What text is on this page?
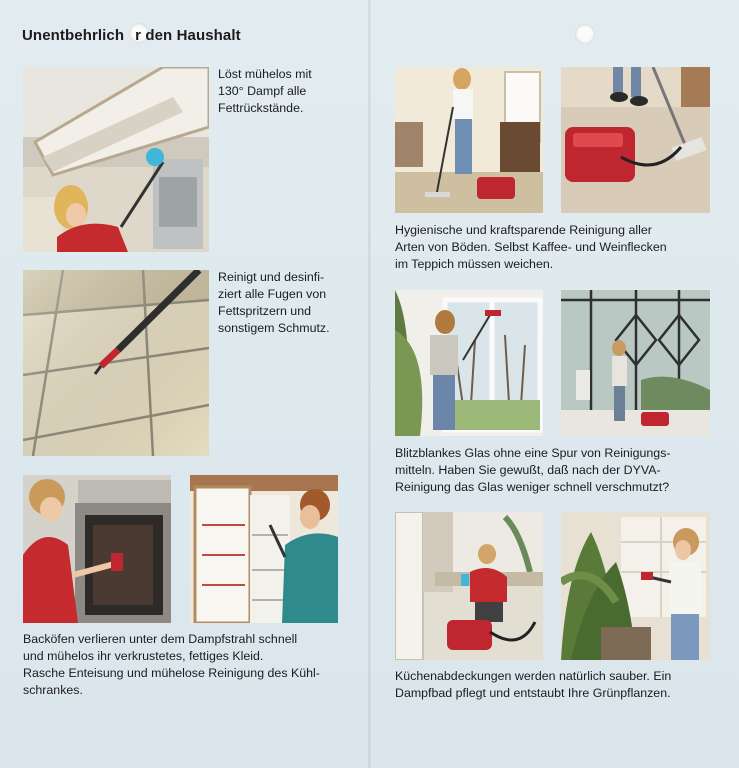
Unentbehrlich r den Haushalt

Löst mühelos mit

130° Dampf alle

Fettrückstände.

Reinigt und desinfi-

ziert alle Fugen von

Fettspritzern und

sonstigem Schmutz.

Backöfen verlieren unter dem Dampfstrahl schnell

und mühelos ihr verkrustetes, fettiges Kleid.

Rasche Enteisung und mühelose Reinigung des Kühl-

schrankes.

Hygienische und kraftsparende Reinigung aller

Arten von Böden. Selbst Kaffee- und Weinflecken

im Teppich müssen weichen.

Blitzblankes Glas ohne eine Spur von Reinigungs-

mitteln. Haben Sie gewußt, daß nach der DYVA-

Reinigung das Glas weniger schnell verschmutzt?

Küchenabdeckungen werden natürlich sauber. Ein

Dampfbad pflegt und entstaubt Ihre Grünpflanzen.
